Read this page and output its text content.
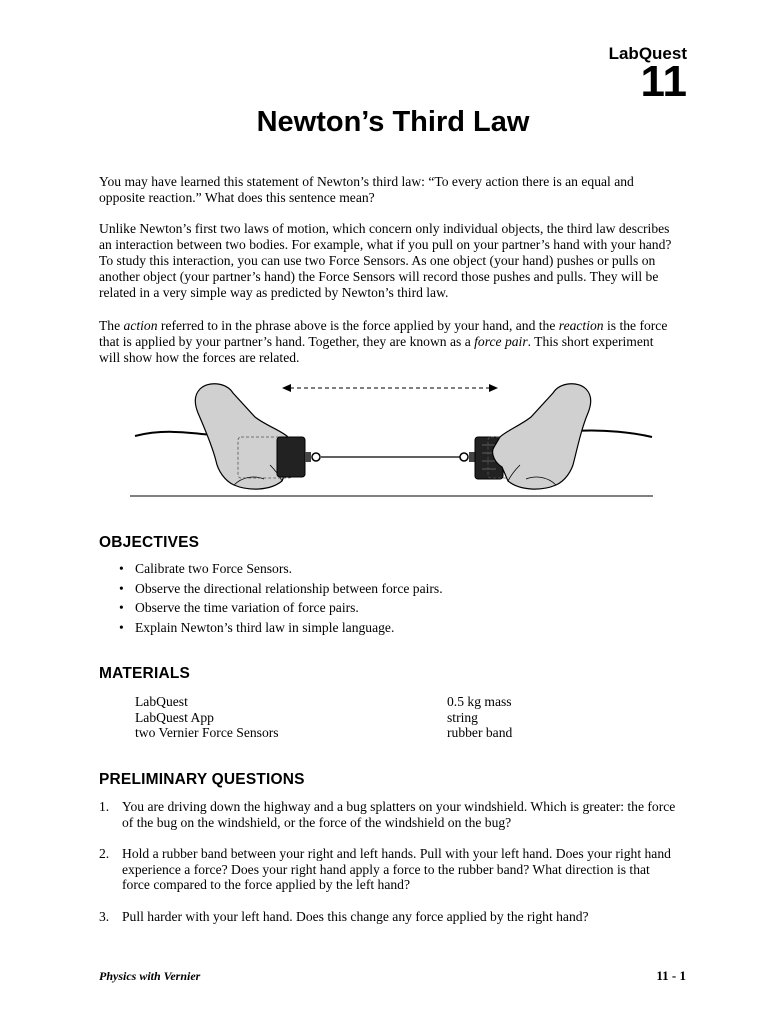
LabQuest
11
Newton’s Third Law

You may have learned this statement of Newton’s third law: “To every action there is an equal and opposite reaction.” What does this sentence mean?

Unlike Newton’s first two laws of motion, which concern only individual objects, the third law describes an interaction between two bodies. For example, what if you pull on your partner’s hand with your hand? To study this interaction, you can use two Force Sensors. As one object (your hand) pushes or pulls on another object (your partner’s hand) the Force Sensors will record those pushes and pulls. They will be related in a very simple way as predicted by Newton’s third law.

The action referred to in the phrase above is the force applied by your hand, and the reaction is the force that is applied by your partner’s hand. Together, they are known as a force pair. This short experiment will show how the forces are related.

OBJECTIVES
• Calibrate two Force Sensors.
• Observe the directional relationship between force pairs.
• Observe the time variation of force pairs.
• Explain Newton’s third law in simple language.
MATERIALS
LabQuest	0.5 kg mass
LabQuest App	string
two Vernier Force Sensors	rubber band
PRELIMINARY QUESTIONS
1. You are driving down the highway and a bug splatters on your windshield. Which is greater: the force of the bug on the windshield, or the force of the windshield on the bug?
2. Hold a rubber band between your right and left hands. Pull with your left hand. Does your right hand experience a force? Does your right hand apply a force to the rubber band? What direction is that force compared to the force applied by the left hand?
3. Pull harder with your left hand. Does this change any force applied by the right hand?
Physics with Vernier	11 - 1
